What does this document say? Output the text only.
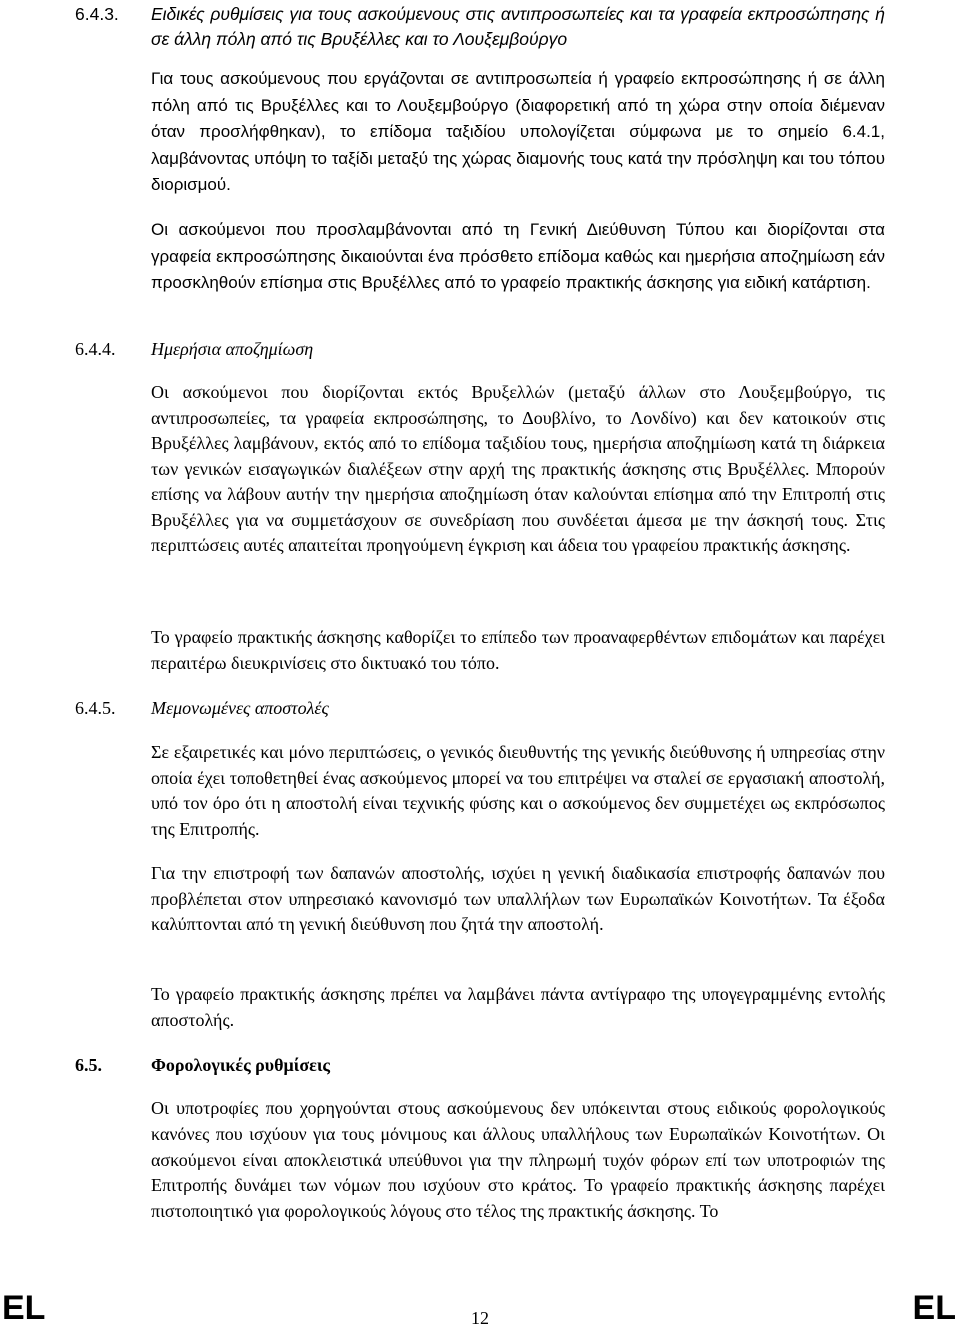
6.4.3. Ειδικές ρυθμίσεις για τους ασκούμενους στις αντιπροσωπείες και τα γραφεία εκπροσώπησης ή σε άλλη πόλη από τις Βρυξέλλες και το Λουξεμβούργο

Για τους ασκούμενους που εργάζονται σε αντιπροσωπεία ή γραφείο εκπροσώπησης ή σε άλλη πόλη από τις Βρυξέλλες και το Λουξεμβούργο (διαφορετική από τη χώρα στην οποία διέμεναν όταν προσλήφθηκαν), το επίδομα ταξιδίου υπολογίζεται σύμφωνα με το σημείο 6.4.1, λαμβάνοντας υπόψη το ταξίδι μεταξύ της χώρας διαμονής τους κατά την πρόσληψη και του τόπου διορισμού.

Οι ασκούμενοι που προσλαμβάνονται από τη Γενική Διεύθυνση Τύπου και διορίζονται στα γραφεία εκπροσώπησης δικαιούνται ένα πρόσθετο επίδομα καθώς και ημερήσια αποζημίωση εάν προσκληθούν επίσημα στις Βρυξέλλες από το γραφείο πρακτικής άσκησης για ειδική κατάρτιση.

6.4.4. Ημερήσια αποζημίωση

Οι ασκούμενοι που διορίζονται εκτός Βρυξελλών (μεταξύ άλλων στο Λουξεμβούργο, τις αντιπροσωπείες, τα γραφεία εκπροσώπησης, το Δουβλίνο, το Λονδίνο) και δεν κατοικούν στις Βρυξέλλες λαμβάνουν, εκτός από το επίδομα ταξιδίου τους, ημερήσια αποζημίωση κατά τη διάρκεια των γενικών εισαγωγικών διαλέξεων στην αρχή της πρακτικής άσκησης στις Βρυξέλλες. Μπορούν επίσης να λάβουν αυτήν την ημερήσια αποζημίωση όταν καλούνται επίσημα από την Επιτροπή στις Βρυξέλλες για να συμμετάσχουν σε συνεδρίαση που συνδέεται άμεσα με την άσκησή τους. Στις περιπτώσεις αυτές απαιτείται προηγούμενη έγκριση και άδεια του γραφείου πρακτικής άσκησης.

Το γραφείο πρακτικής άσκησης καθορίζει το επίπεδο των προαναφερθέντων επιδομάτων και παρέχει περαιτέρω διευκρινίσεις στο δικτυακό του τόπο.

6.4.5. Μεμονωμένες αποστολές

Σε εξαιρετικές και μόνο περιπτώσεις, ο γενικός διευθυντής της γενικής διεύθυνσης ή υπηρεσίας στην οποία έχει τοποθετηθεί ένας ασκούμενος μπορεί να του επιτρέψει να σταλεί σε εργασιακή αποστολή, υπό τον όρο ότι η αποστολή είναι τεχνικής φύσης και ο ασκούμενος δεν συμμετέχει ως εκπρόσωπος της Επιτροπής.

Για την επιστροφή των δαπανών αποστολής, ισχύει η γενική διαδικασία επιστροφής δαπανών που προβλέπεται στον υπηρεσιακό κανονισμό των υπαλλήλων των Ευρωπαϊκών Κοινοτήτων. Τα έξοδα καλύπτονται από τη γενική διεύθυνση που ζητά την αποστολή.

Το γραφείο πρακτικής άσκησης πρέπει να λαμβάνει πάντα αντίγραφο της υπογεγραμμένης εντολής αποστολής.

6.5.	Φορολογικές ρυθμίσεις

Οι υποτροφίες που χορηγούνται στους ασκούμενους δεν υπόκεινται στους ειδικούς φορολογικούς κανόνες που ισχύουν για τους μόνιμους και άλλους υπαλλήλους των Ευρωπαϊκών Κοινοτήτων. Οι ασκούμενοι είναι αποκλειστικά υπεύθυνοι για την πληρωμή τυχόν φόρων επί των υποτροφιών της Επιτροπής δυνάμει των νόμων που ισχύουν στο κράτος. Το γραφείο πρακτικής άσκησης παρέχει πιστοποιητικό για φορολογικούς λόγους στο τέλος της πρακτικής άσκησης. Το

EL	12	EL
